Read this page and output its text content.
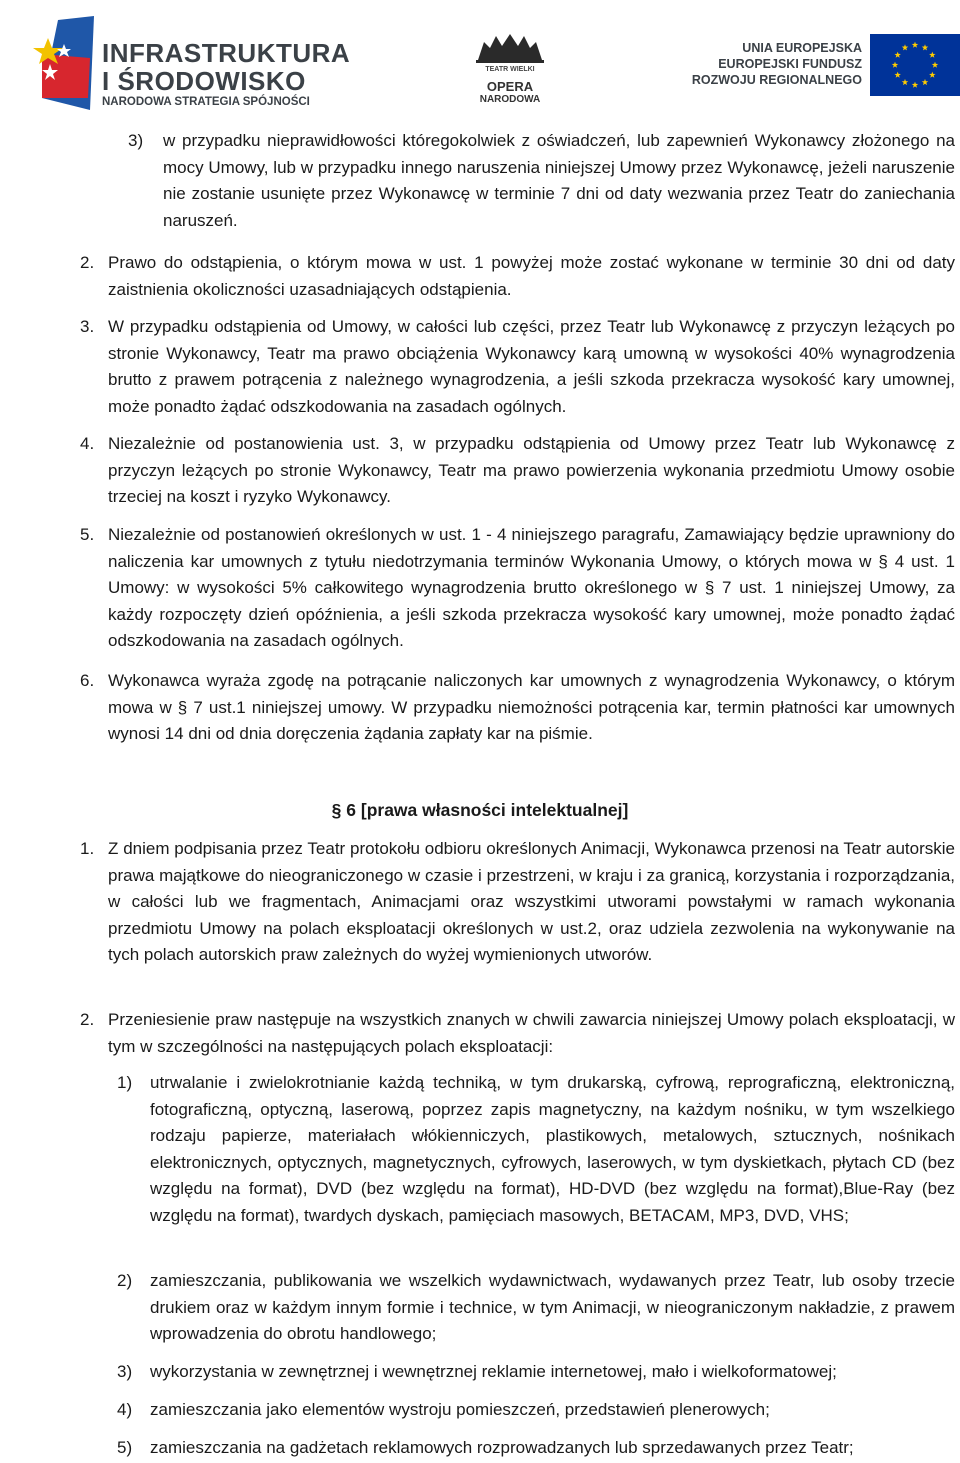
INFRASTRUKTURA
I ŚRODOWISKO
NARODOWA STRATEGIA SPÓJNOŚCI
TEATR WIELKI
OPERA
NARODOWA
UNIA EUROPEJSKA
EUROPEJSKI FUNDUSZ
ROZWOJU REGIONALNEGO
3) w przypadku nieprawidłowości któregokolwiek z oświadczeń, lub zapewnień Wykonawcy złożonego na mocy Umowy, lub w przypadku innego naruszenia niniejszej Umowy przez Wykonawcę, jeżeli naruszenie nie zostanie usunięte przez Wykonawcę w terminie 7 dni od daty wezwania przez Teatr do zaniechania naruszeń.
2. Prawo do odstąpienia, o którym mowa w ust. 1 powyżej może zostać wykonane w terminie 30 dni od daty zaistnienia okoliczności uzasadniających odstąpienia.
3. W przypadku odstąpienia od Umowy, w całości lub części, przez Teatr lub Wykonawcę z przyczyn leżących po stronie Wykonawcy, Teatr ma prawo obciążenia Wykonawcy karą umowną w wysokości 40% wynagrodzenia brutto z prawem potrącenia z należnego wynagrodzenia, a jeśli szkoda przekracza wysokość kary umownej, może ponadto żądać odszkodowania na zasadach ogólnych.
4. Niezależnie od postanowienia ust. 3, w przypadku odstąpienia od Umowy przez Teatr lub Wykonawcę z przyczyn leżących po stronie Wykonawcy, Teatr ma prawo powierzenia wykonania przedmiotu Umowy osobie trzeciej na koszt i ryzyko Wykonawcy.
5. Niezależnie od postanowień określonych w ust. 1 - 4 niniejszego paragrafu, Zamawiający będzie uprawniony do naliczenia kar umownych z tytułu niedotrzymania terminów Wykonania Umowy, o których mowa w § 4 ust. 1 Umowy: w wysokości 5% całkowitego wynagrodzenia brutto określonego w § 7 ust. 1 niniejszej Umowy, za każdy rozpoczęty dzień opóźnienia, a jeśli szkoda przekracza wysokość kary umownej, może ponadto żądać odszkodowania na zasadach ogólnych.
6. Wykonawca wyraża zgodę na potrącanie naliczonych kar umownych z wynagrodzenia Wykonawcy, o którym mowa w § 7 ust.1 niniejszej umowy. W przypadku niemożności potrącenia kar, termin płatności kar umownych wynosi 14 dni od dnia doręczenia żądania zapłaty kar na piśmie.
§ 6 [prawa własności intelektualnej]
1. Z dniem podpisania przez Teatr protokołu odbioru określonych Animacji, Wykonawca przenosi na Teatr autorskie prawa majątkowe do nieograniczonego w czasie i przestrzeni, w kraju i za granicą, korzystania i rozporządzania, w całości lub we fragmentach, Animacjami oraz wszystkimi utworami powstałymi w ramach wykonania przedmiotu Umowy na polach eksploatacji określonych w ust.2, oraz udziela zezwolenia na wykonywanie na tych polach autorskich praw zależnych do wyżej wymienionych utworów.
2. Przeniesienie praw następuje na wszystkich znanych w chwili zawarcia niniejszej Umowy polach eksploatacji, w tym w szczególności na następujących polach eksploatacji:
1) utrwalanie i zwielokrotnianie każdą techniką, w tym drukarską, cyfrową, reprograficzną, elektroniczną, fotograficzną, optyczną, laserową, poprzez zapis magnetyczny, na każdym nośniku, w tym wszelkiego rodzaju papierze, materiałach włókienniczych, plastikowych, metalowych, sztucznych, nośnikach elektronicznych, optycznych, magnetycznych, cyfrowych, laserowych, w tym dyskietkach, płytach CD (bez względu na format), DVD (bez względu na format), HD-DVD (bez względu na format),Blue-Ray (bez względu na format), twardych dyskach, pamięciach masowych, BETACAM, MP3, DVD, VHS;
2) zamieszczania, publikowania we wszelkich wydawnictwach, wydawanych przez Teatr, lub osoby trzecie drukiem oraz w każdym innym formie i technice, w tym Animacji, w nieograniczonym nakładzie, z prawem wprowadzenia do obrotu handlowego;
3) wykorzystania w zewnętrznej i wewnętrznej reklamie internetowej, mało i wielkoformatowej;
4) zamieszczania jako elementów wystroju pomieszczeń, przedstawień plenerowych;
5) zamieszczania na gadżetach reklamowych rozprowadzanych lub sprzedawanych przez Teatr;
